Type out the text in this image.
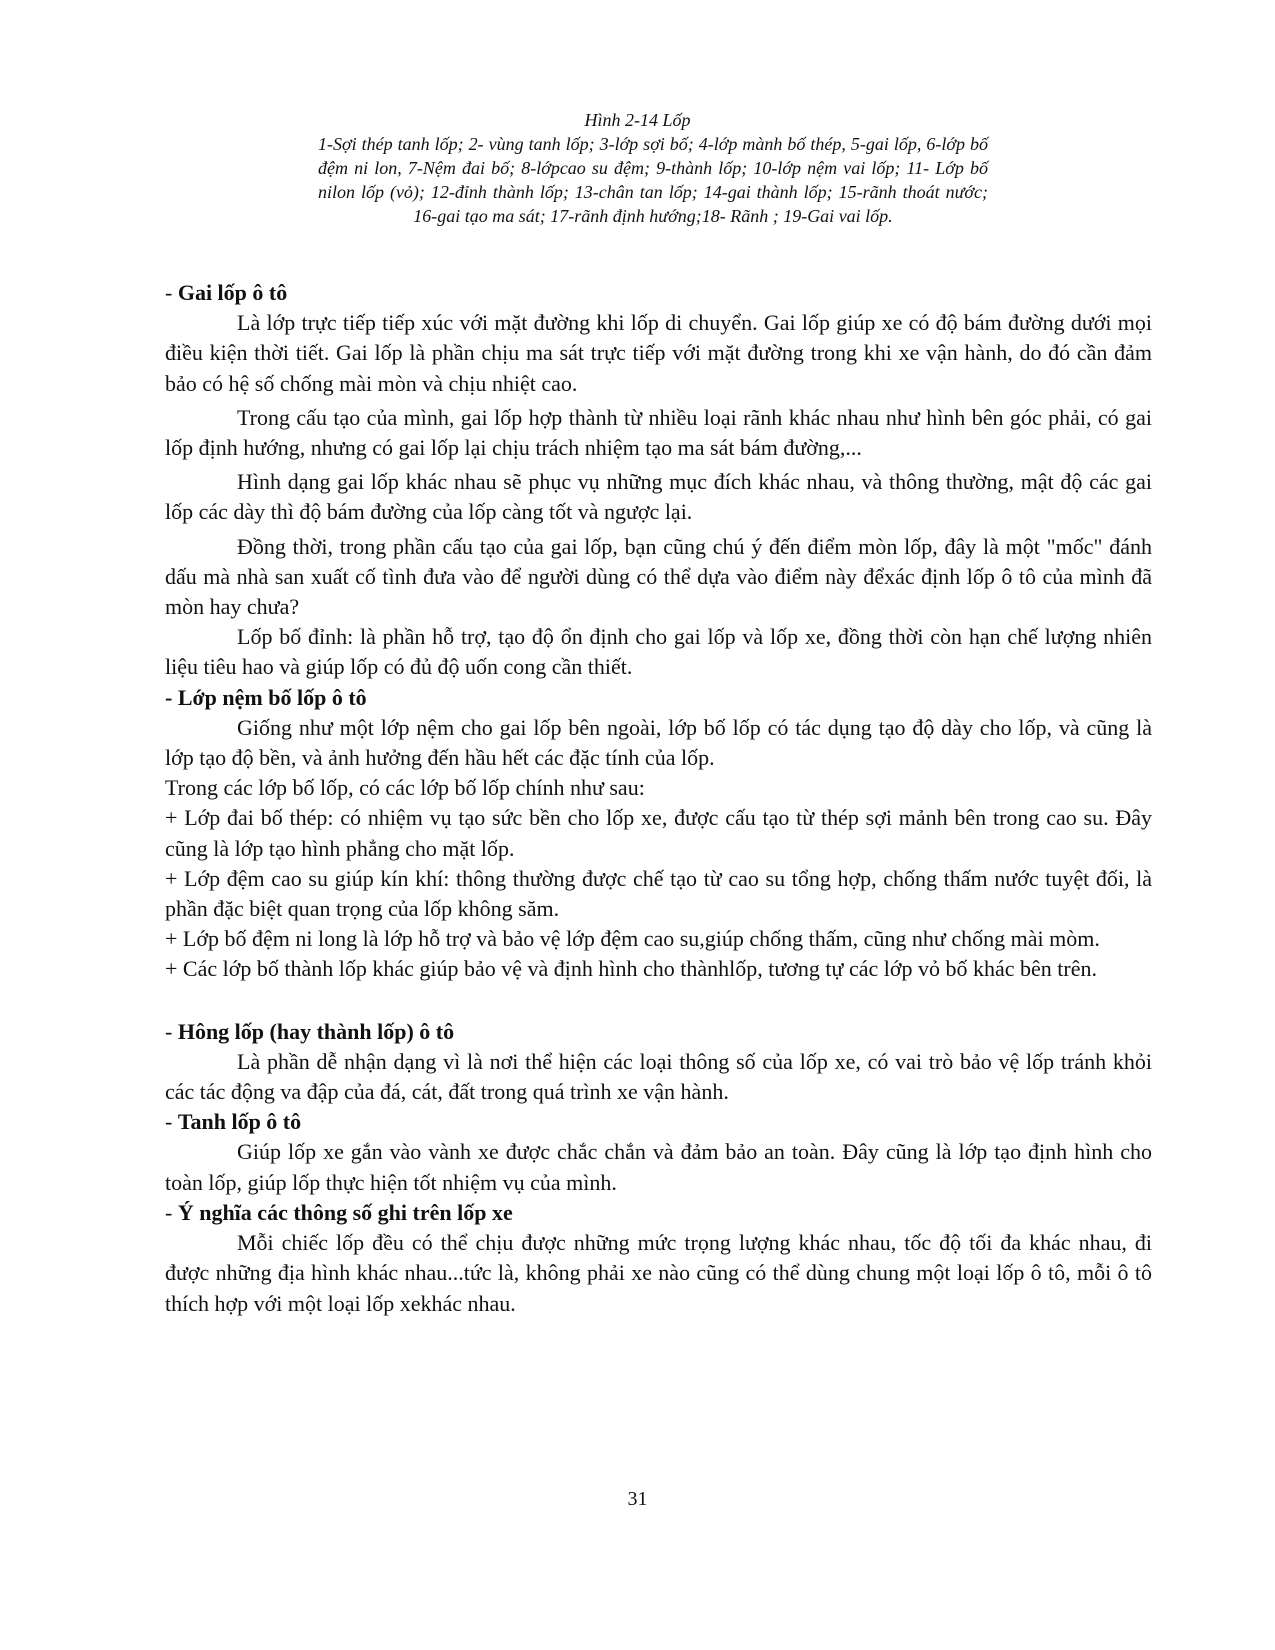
Hình 2-14 Lốp
1-Sợi thép tanh lốp; 2- vùng tanh lốp; 3-lớp sợi bố; 4-lớp mành bố thép, 5-gai lốp, 6-lớp bố đệm ni lon, 7-Nệm đai bố; 8-lớpcao su đệm; 9-thành lốp; 10-lớp nệm vai lốp; 11- Lớp bố nilon lốp (vỏ); 12-đỉnh thành lốp; 13-chân tan lốp; 14-gai thành lốp; 15-rãnh thoát nước; 16-gai tạo ma sát; 17-rãnh định hướng;18- Rãnh ; 19-Gai vai lốp.

- Gai lốp ô tô

Là lớp trực tiếp tiếp xúc với mặt đường khi lốp di chuyển. Gai lốp giúp xe có độ bám đường dưới mọi điều kiện thời tiết. Gai lốp là phần chịu ma sát trực tiếp với mặt đường trong khi xe vận hành, do đó cần đảm bảo có hệ số chống mài mòn và chịu nhiệt cao.

Trong cấu tạo của mình, gai lốp hợp thành từ nhiều loại rãnh khác nhau như hình bên góc phải, có gai lốp định hướng, nhưng có gai lốp lại chịu trách nhiệm tạo ma sát bám đường,...

Hình dạng gai lốp khác nhau sẽ phục vụ những mục đích khác nhau, và thông thường, mật độ các gai lốp các dày thì độ bám đường của lốp càng tốt và ngược lại.

Đồng thời, trong phần cấu tạo của gai lốp, bạn cũng chú ý đến điểm mòn lốp, đây là một "mốc" đánh dấu mà nhà san xuất cố tình đưa vào để người dùng có thể dựa vào điểm này đểxác định lốp ô tô của mình đã mòn hay chưa?

Lốp bố đỉnh: là phần hỗ trợ, tạo độ ổn định cho gai lốp và lốp xe, đồng thời còn hạn chế lượng nhiên liệu tiêu hao và giúp lốp có đủ độ uốn cong cần thiết.

- Lớp nệm bố lốp ô tô

Giống như một lớp nệm cho gai lốp bên ngoài, lớp bố lốp có tác dụng tạo độ dày cho lốp, và cũng là lớp tạo độ bền, và ảnh hưởng đến hầu hết các đặc tính của lốp.

Trong các lớp bố lốp, có các lớp bố lốp chính như sau:

+ Lớp đai bố thép: có nhiệm vụ tạo sức bền cho lốp xe, được cấu tạo từ thép sợi mảnh bên trong cao su. Đây cũng là lớp tạo hình phẳng cho mặt lốp.

+ Lớp đệm cao su giúp kín khí: thông thường được chế tạo từ cao su tổng hợp, chống thấm nước tuyệt đối, là phần đặc biệt quan trọng của lốp không săm.

+ Lớp bố đệm ni long là lớp hỗ trợ và bảo vệ lớp đệm cao su,giúp chống thấm, cũng như chống mài mòm.

+ Các lớp bố thành lốp khác giúp bảo vệ và định hình cho thànhlốp, tương tự các lớp vỏ bố khác bên trên.

- Hông lốp (hay thành lốp) ô tô

Là phần dễ nhận dạng vì là nơi thể hiện các loại thông số của lốp xe, có vai trò bảo vệ lốp tránh khỏi các tác động va đập của đá, cát, đất trong quá trình xe vận hành.

- Tanh lốp ô tô

Giúp lốp xe gắn vào vành xe được chắc chắn và đảm bảo an toàn. Đây cũng là lớp tạo định hình cho toàn lốp, giúp lốp thực hiện tốt nhiệm vụ của mình.

- Ý nghĩa các thông số ghi trên lốp xe

Mỗi chiếc lốp đều có thể chịu được những mức trọng lượng khác nhau, tốc độ tối đa khác nhau, đi được những địa hình khác nhau...tức là, không phải xe nào cũng có thể dùng chung một loại lốp ô tô, mỗi ô tô thích hợp với một loại lốp xekhác nhau.

31
